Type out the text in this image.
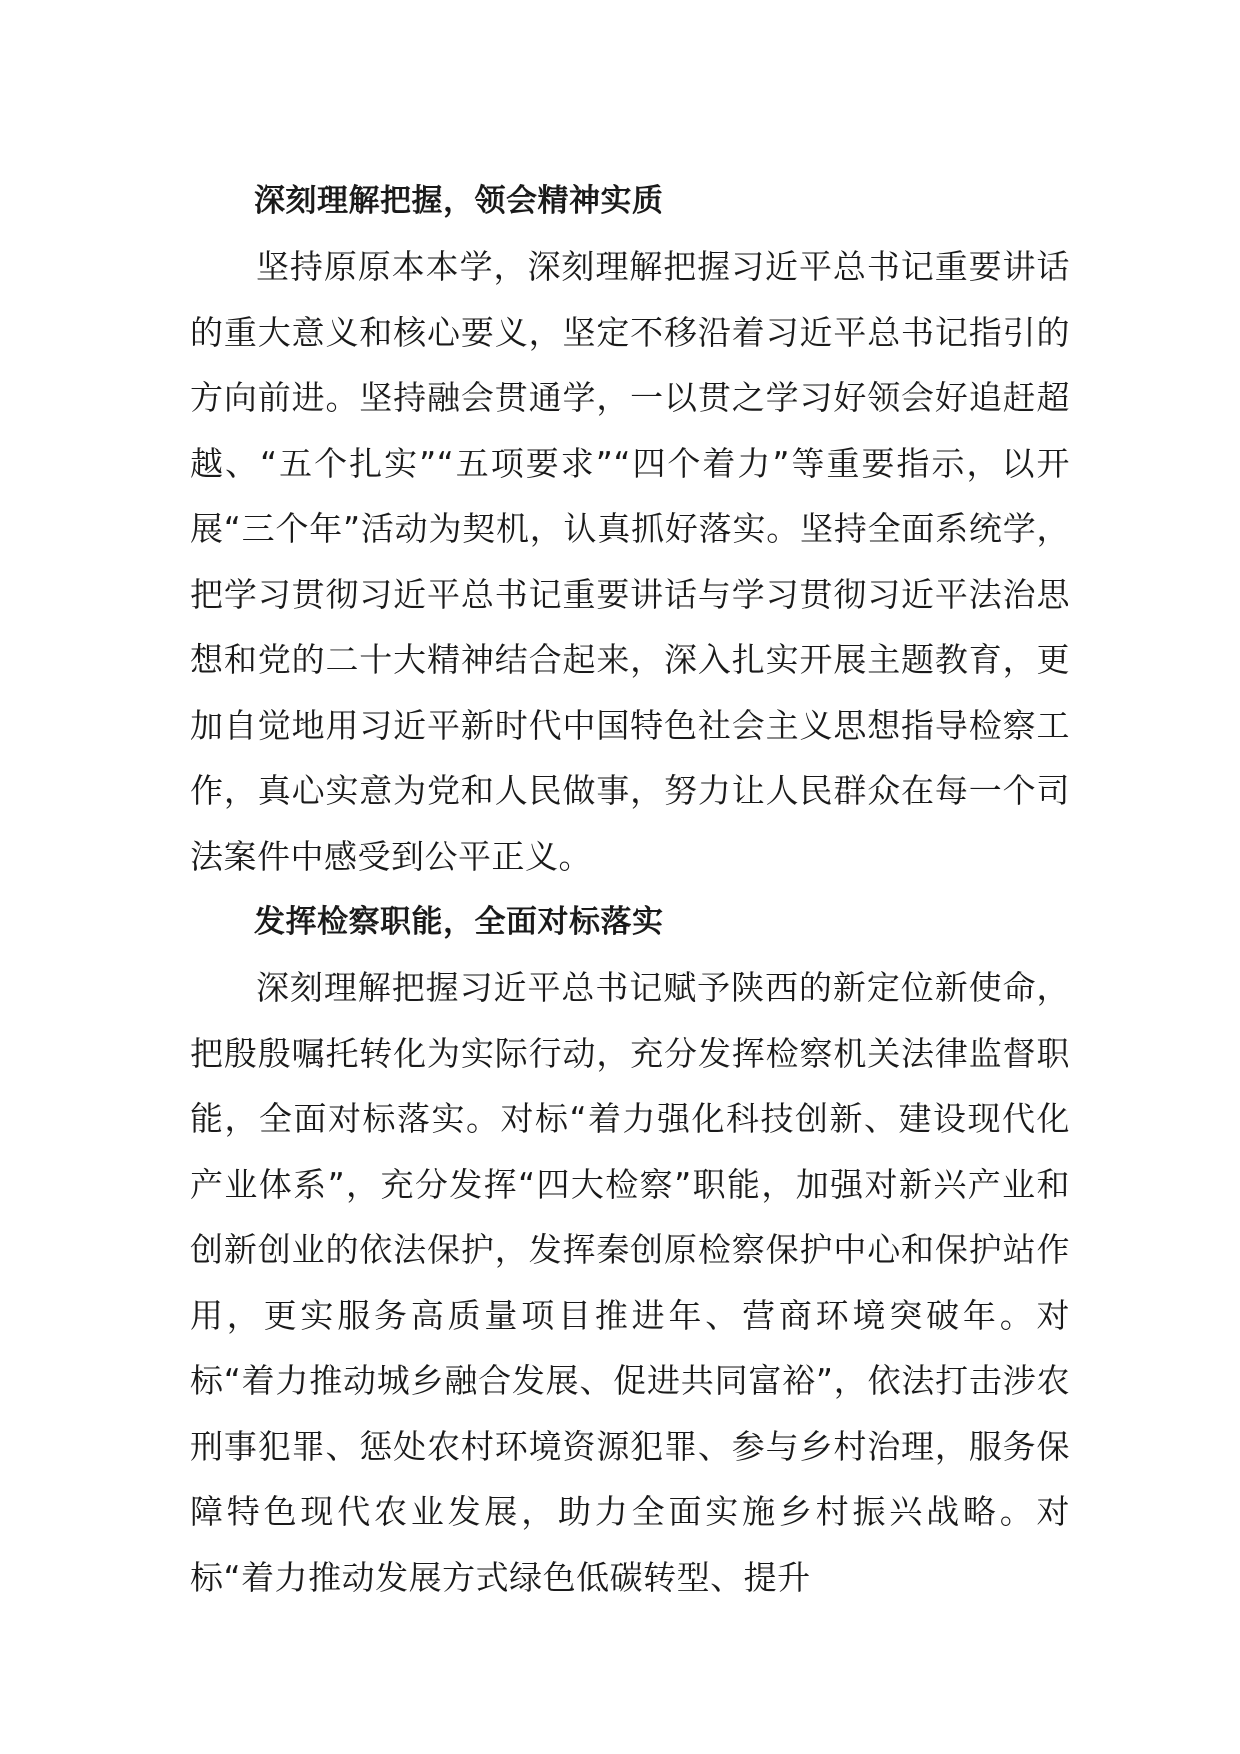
深刻理解把握，领会精神实质

坚持原原本本学，深刻理解把握习近平总书记重要讲话的重大意义和核心要义，坚定不移沿着习近平总书记指引的方向前进。坚持融会贯通学，一以贯之学习好领会好追赶超越、“五个扎实”“五项要求”“四个着力”等重要指示，以开展“三个年”活动为契机，认真抓好落实。坚持全面系统学，把学习贯彻习近平总书记重要讲话与学习贯彻习近平法治思想和党的二十大精神结合起来，深入扎实开展主题教育，更加自觉地用习近平新时代中国特色社会主义思想指导检察工作，真心实意为党和人民做事，努力让人民群众在每一个司法案件中感受到公平正义。

发挥检察职能，全面对标落实

深刻理解把握习近平总书记赋予陕西的新定位新使命，把殷殷嘱托转化为实际行动，充分发挥检察机关法律监督职能，全面对标落实。对标“着力强化科技创新、建设现代化产业体系”，充分发挥“四大检察”职能，加强对新兴产业和创新创业的依法保护，发挥秦创原检察保护中心和保护站作用，更实服务高质量项目推进年、营商环境突破年。对标“着力推动城乡融合发展、促进共同富裕”，依法打击涉农刑事犯罪、惩处农村环境资源犯罪、参与乡村治理，服务保障特色现代农业发展，助力全面实施乡村振兴战略。对标“着力推动发展方式绿色低碳转型、提升
